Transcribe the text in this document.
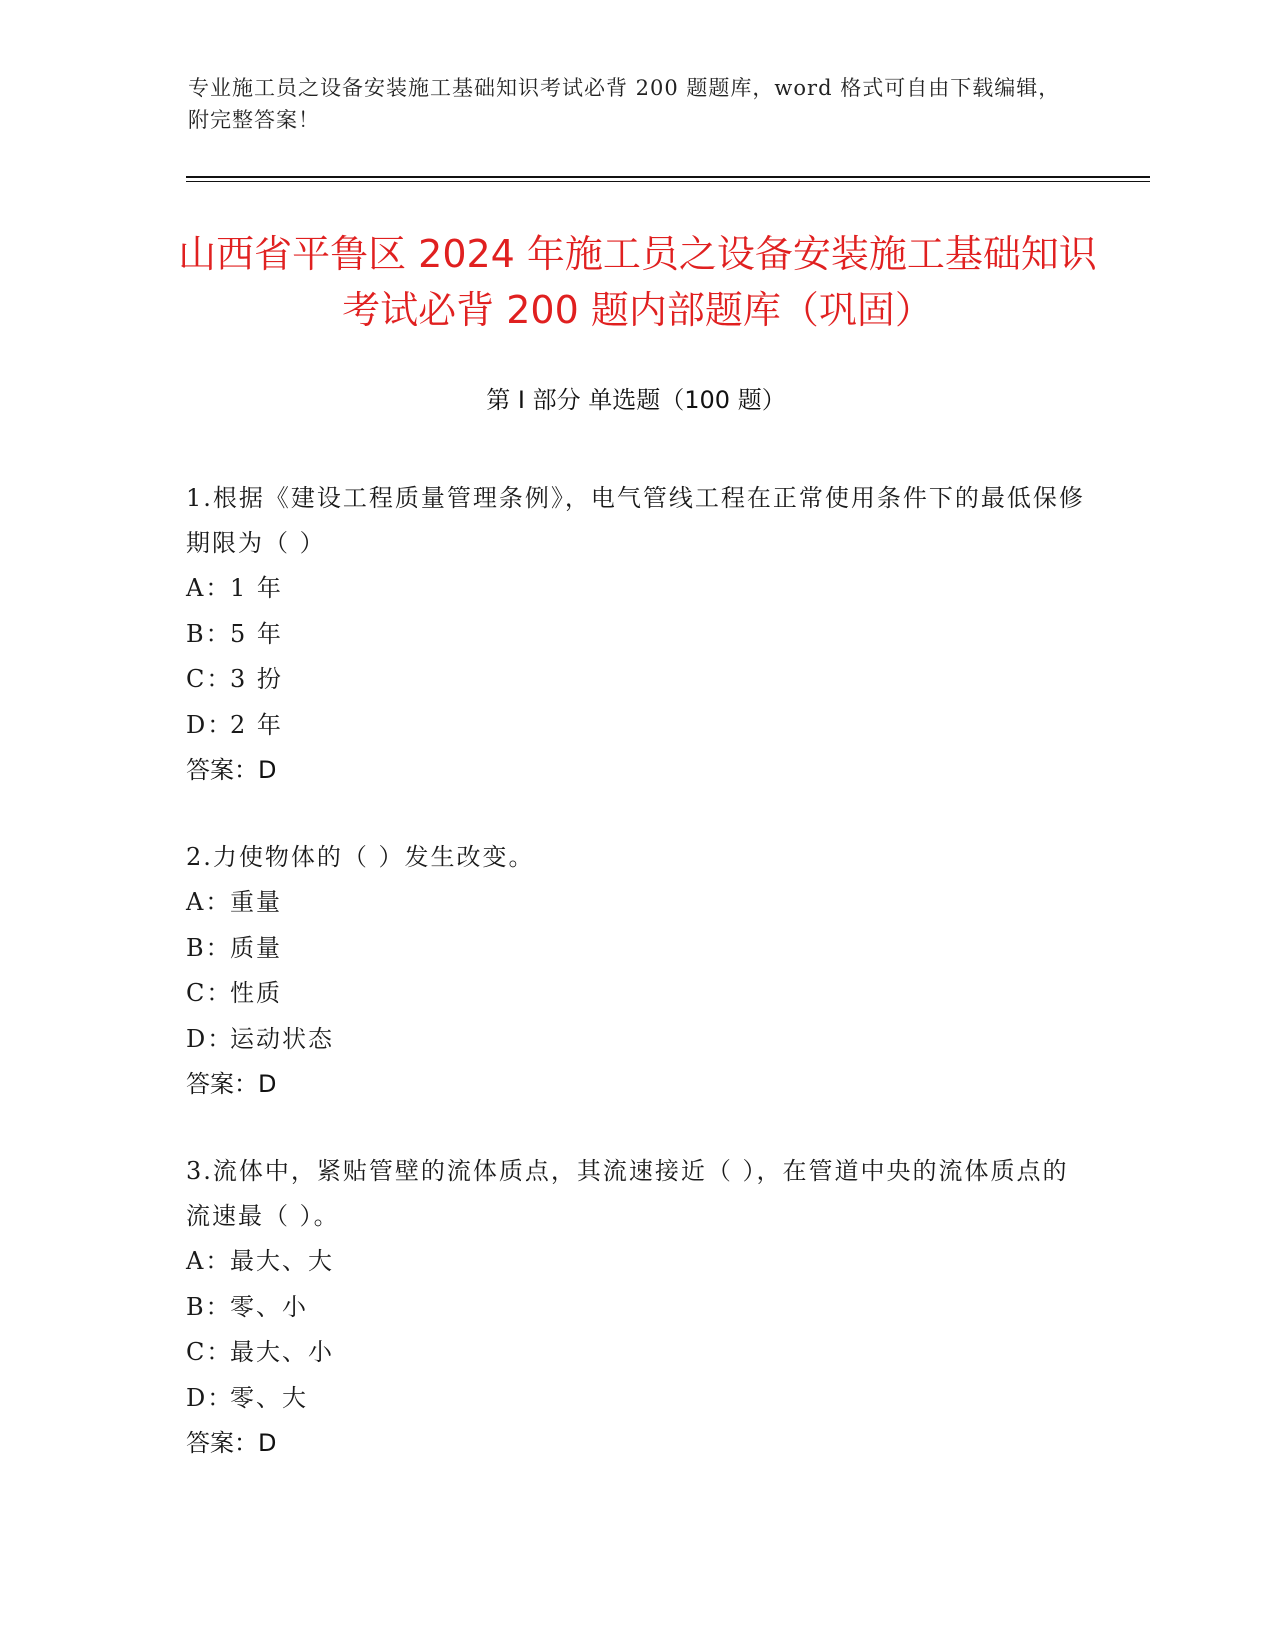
专业施工员之设备安装施工基础知识考试必背 200 题题库，word 格式可自由下载编辑，附完整答案！
山西省平鲁区 2024 年施工员之设备安装施工基础知识考试必背 200 题内部题库（巩固）
第 I 部分 单选题（100 题）

1.根据《建设工程质量管理条例》，电气管线工程在正常使用条件下的最低保修期限为（ ）

A：1 年
B：5 年
C：3 扮
D：2 年
答案：D

2.力使物体的（ ）发生改变。

A：重量
B：质量
C：性质
D：运动状态
答案：D

3.流体中，紧贴管壁的流体质点，其流速接近（ ），在管道中央的流体质点的流速最（ ）。

A：最大、大
B：零、小
C：最大、小
D：零、大
答案：D
